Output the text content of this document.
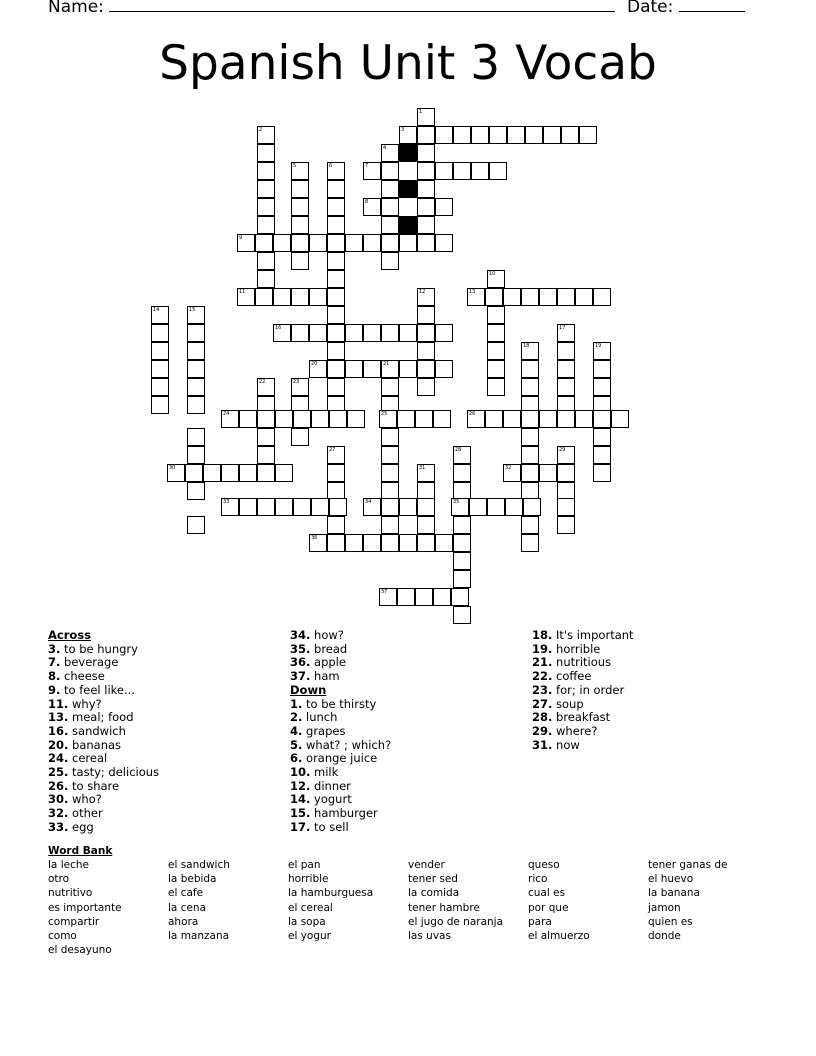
Name:	Date:
Spanish Unit 3 Vocab
1
3
2
4
5	6	7
8
9
10
11	12	13
14	15
16	17
18	19
20	21
22	23
24	25	26
27	28	29
30	31	32
33	34	35
36
37
Across
3. to be hungry
7. beverage
8. cheese
9. to feel like...
11. why?
13. meal; food
16. sandwich
20. bananas
24. cereal
25. tasty; delicious
26. to share
30. who?
32. other
33. egg
34. how?
35. bread
36. apple
37. ham
Down
1. to be thirsty
2. lunch
4. grapes
5. what? ; which?
6. orange juice
10. milk
12. dinner
14. yogurt
15. hamburger
17. to sell
18. It's important
19. horrible
21. nutritious
22. coffee
23. for; in order
27. soup
28. breakfast
29. where?
31. now
Word Bank
la leche
otro
nutritivo
es importante
compartir
como
el desayuno
el sandwich
la bebida
el cafe
la cena
ahora
la manzana
el pan
horrible
la hamburguesa
el cereal
la sopa
el yogur
vender
tener sed
la comida
tener hambre
el jugo de naranja
las uvas
queso
rico
cual es
por que
para
el almuerzo
tener ganas de
el huevo
la banana
jamon
quien es
donde
